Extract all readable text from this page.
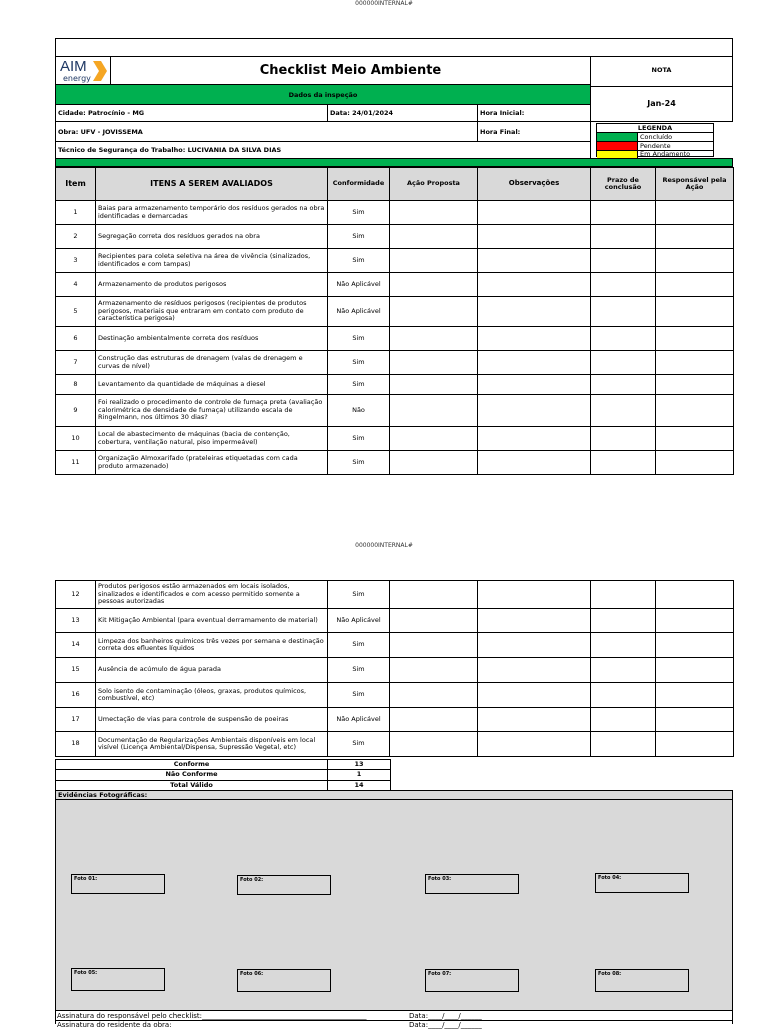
000000INTERNAL#
AIM
energy
Checklist Meio Ambiente	NOTA
Jan-24
Dados da inspeção
Cidade: Patrocínio - MG	Data: 24/01/2024	Hora Inicial:
Obra: UFV - JOVISSEMA	Hora Final:
Técnico de Segurança do Trabalho: LUCIVANIA DA SILVA DIAS
LEGENDA
Concluído
Pendente
Em Andamento
Item	ITENS A SEREM AVALIADOS	Conformidade	Ação Proposta	Observações	Prazo de conclusão	Responsável pela Ação
1	Baias para armazenamento temporário dos resíduos gerados na obra identificadas e demarcadas	Sim				
2	Segregação correta dos resíduos gerados na obra	Sim				
3	Recipientes para coleta seletiva na área de vivência (sinalizados, identificados e com tampas)	Sim				
4	Armazenamento de produtos perigosos	Não Aplicável				
5	Armazenamento de resíduos perigosos (recipientes de produtos perigosos, materiais que entraram em contato com produto de característica perigosa)	Não Aplicável				
6	Destinação ambientalmente correta dos resíduos	Sim				
7	Construção das estruturas de drenagem (valas de drenagem e curvas de nível)	Sim				
8	Levantamento da quantidade de máquinas a diesel	Sim				
9	Foi realizado o procedimento de controle de fumaça preta (avaliação calorimétrica de densidade de fumaça) utilizando escala de Ringelmann, nos últimos 30 dias?	Não				
10	Local de abastecimento de máquinas (bacia de contenção, cobertura, ventilação natural, piso impermeável)	Sim				
11	Organização Almoxarifado (prateleiras etiquetadas com cada produto armazenado)	Sim				
000000INTERNAL#
12	Produtos perigosos estão armazenados em locais isolados, sinalizados e identificados e com acesso permitido somente a pessoas autorizadas	Sim				
13	Kit Mitigação Ambiental (para eventual derramamento de material)	Não Aplicável				
14	Limpeza dos banheiros químicos três vezes por semana e destinação correta dos efluentes líquidos	Sim				
15	Ausência de acúmulo de água parada	Sim				
16	Solo isento de contaminação (óleos, graxas, produtos químicos, combustível, etc)	Sim				
17	Umectação de vias para controle de suspensão de poeiras	Não Aplicável				
18	Documentação de Regularizações Ambientais disponíveis em local visível (Licença Ambiental/Dispensa, Supressão Vegetal, etc)	Sim				
Conforme	13
Não Conforme	1
Total Válido	14
Evidências Fotográficas:
Foto 01:	Foto 02:	Foto 03:	Foto 04:
Foto 05:	Foto 06:	Foto 07:	Foto 08:
Assinatura do responsável pelo checklist:_______________________________________________	Data:____/____/______
Assinatura do residente da obra:	Data:____/____/______
